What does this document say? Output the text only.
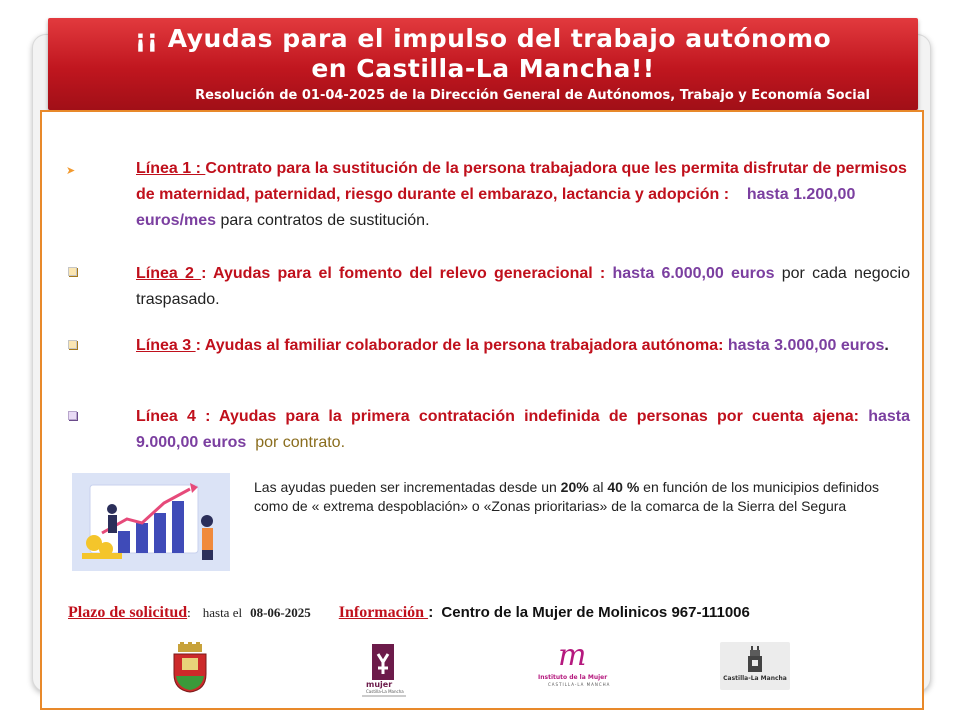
¡¡ Ayudas para el impulso del trabajo autónomo
en Castilla-La Mancha!!
Resolución de 01-04-2025 de la Dirección General de Autónomos, Trabajo y Economía Social
➤	Línea 1 : Contrato para la sustitución de la persona trabajadora que les permita disfrutar de permisos de maternidad, paternidad, riesgo durante el embarazo, lactancia y adopción : hasta 1.200,00 euros/mes para contratos de sustitución.
Línea 2 : Ayudas para el fomento del relevo generacional : hasta 6.000,00 euros por cada negocio traspasado.
Línea 3 : Ayudas al familiar colaborador de la persona trabajadora autónoma: hasta 3.000,00 euros.
Línea 4 : Ayudas para la primera contratación indefinida de personas por cuenta ajena: hasta 9.000,00 euros por contrato.
Las ayudas pueden ser incrementadas desde un 20% al 40 % en función de los municipios definidos como de « extrema despoblación» o «Zonas prioritarias» de la comarca de la Sierra del Segura
Plazo de solicitud: hasta el 08-06-2025 Información : Centro de la Mujer de Molinicos 967-111006
mujer
Castilla-La Mancha
m
Instituto de la Mujer
CASTILLA-LA MANCHA
Castilla-La Mancha
